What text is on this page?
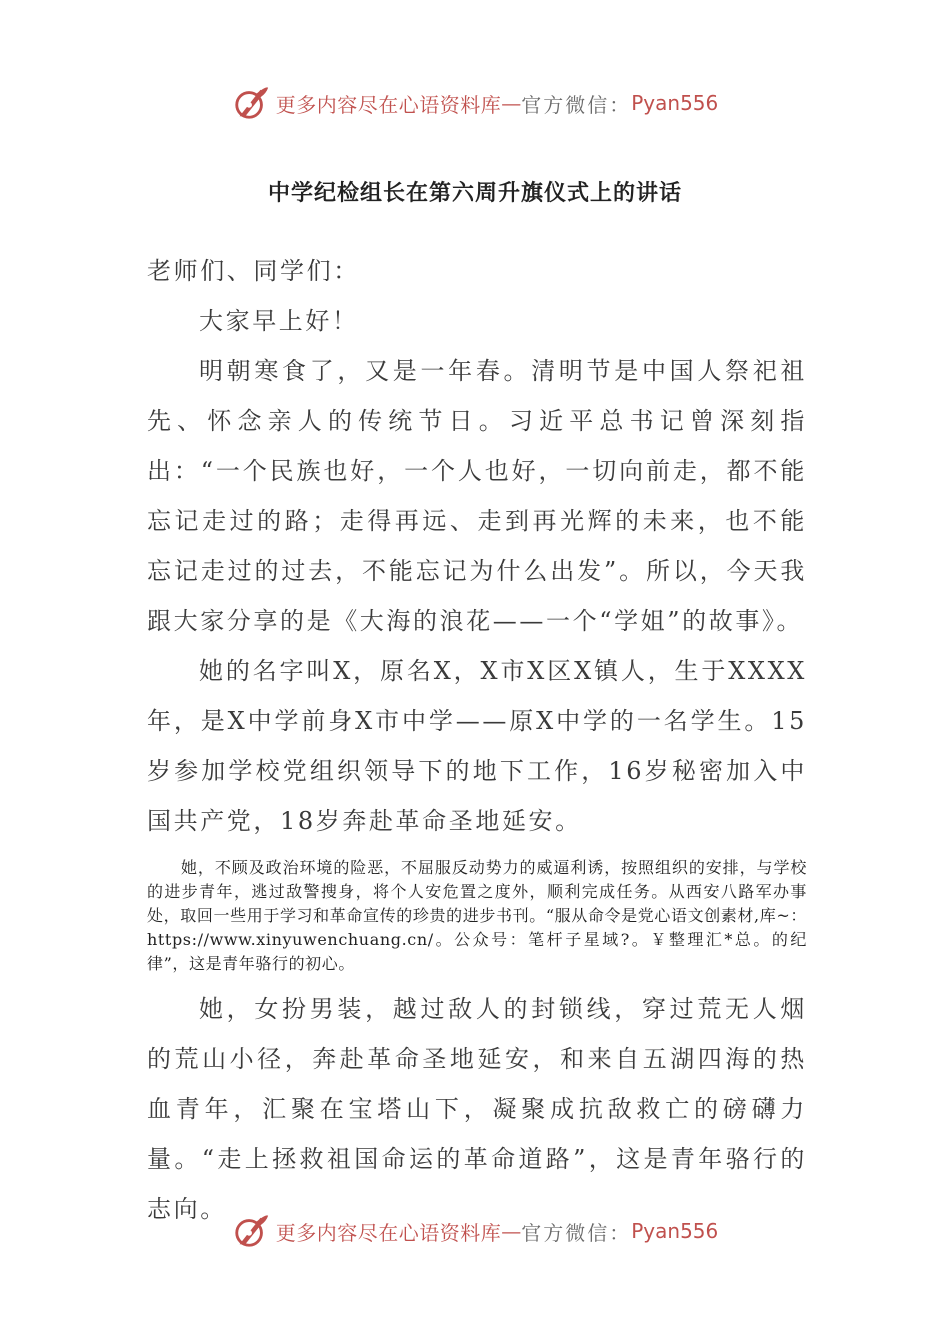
更多内容尽在心语资料库 — 官方微信： Pyan556
中学纪检组长在第六周升旗仪式上的讲话

老师们、同学们：

大家早上好！

明朝寒食了，又是一年春。清明节是中国人祭祀祖先、怀念亲人的传统节日。习近平总书记曾深刻指出：“一个民族也好，一个人也好，一切向前走，都不能忘记走过的路；走得再远、走到再光辉的未来，也不能忘记走过的过去，不能忘记为什么出发”。所以，今天我跟大家分享的是《大海的浪花——一个“学姐”的故事》。

她的名字叫X，原名X，X市X区X镇人，生于XXXX年，是X中学前身X市中学——原X中学的一名学生。15岁参加学校党组织领导下的地下工作，16岁秘密加入中国共产党，18岁奔赴革命圣地延安。

她，不顾及政治环境的险恶，不屈服反动势力的威逼利诱，按照组织的安排，与学校的进步青年，逃过敌警搜身，将个人安危置之度外，顺利完成任务。从西安八路军办事处，取回一些用于学习和革命宣传的珍贵的进步书刊。“服从命令是党心语文创素材,库~：https://www.xinyuwenchuang.cn/。公众号：笔杆子星域?。￥整理汇*总。的纪律”，这是青年骆行的初心。

她，女扮男装，越过敌人的封锁线，穿过荒无人烟的荒山小径，奔赴革命圣地延安，和来自五湖四海的热血青年，汇聚在宝塔山下，凝聚成抗敌救亡的磅礴力量。“走上拯救祖国命运的革命道路”，这是青年骆行的志向。

更多内容尽在心语资料库 — 官方微信： Pyan556
